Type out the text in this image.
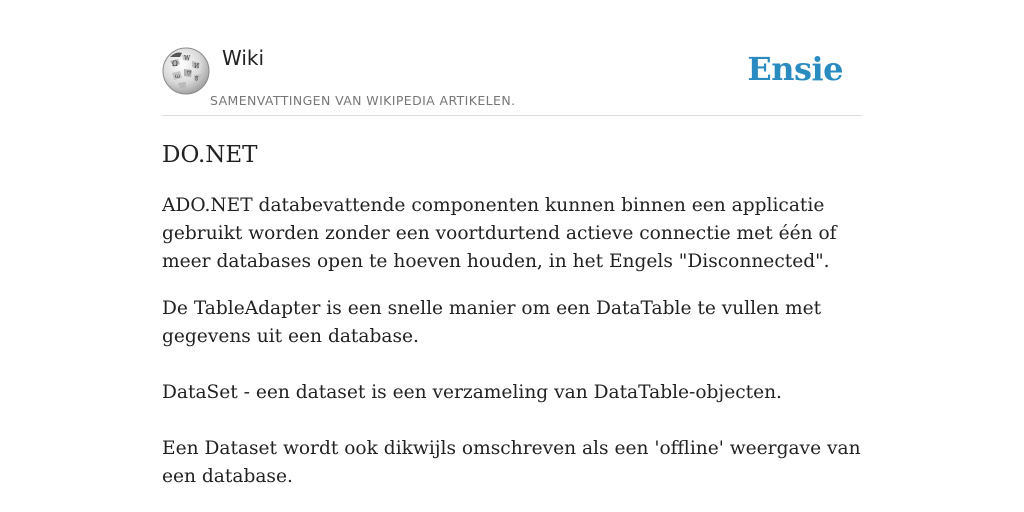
Ω
W
И
ω ウ
ह
Wiki
SAMENVATTINGEN VAN WIKIPEDIA ARTIKELEN.
Ensie
DO.NET

ADO.NET databevattende componenten kunnen binnen een applicatie gebruikt worden zonder een voortdurtend actieve connectie met één of meer databases open te hoeven houden, in het Engels "Disconnected".

De TableAdapter is een snelle manier om een DataTable te vullen met gegevens uit een database.

DataSet - een dataset is een verzameling van DataTable-objecten.

Een Dataset wordt ook dikwijls omschreven als een 'offline' weergave van een database.
